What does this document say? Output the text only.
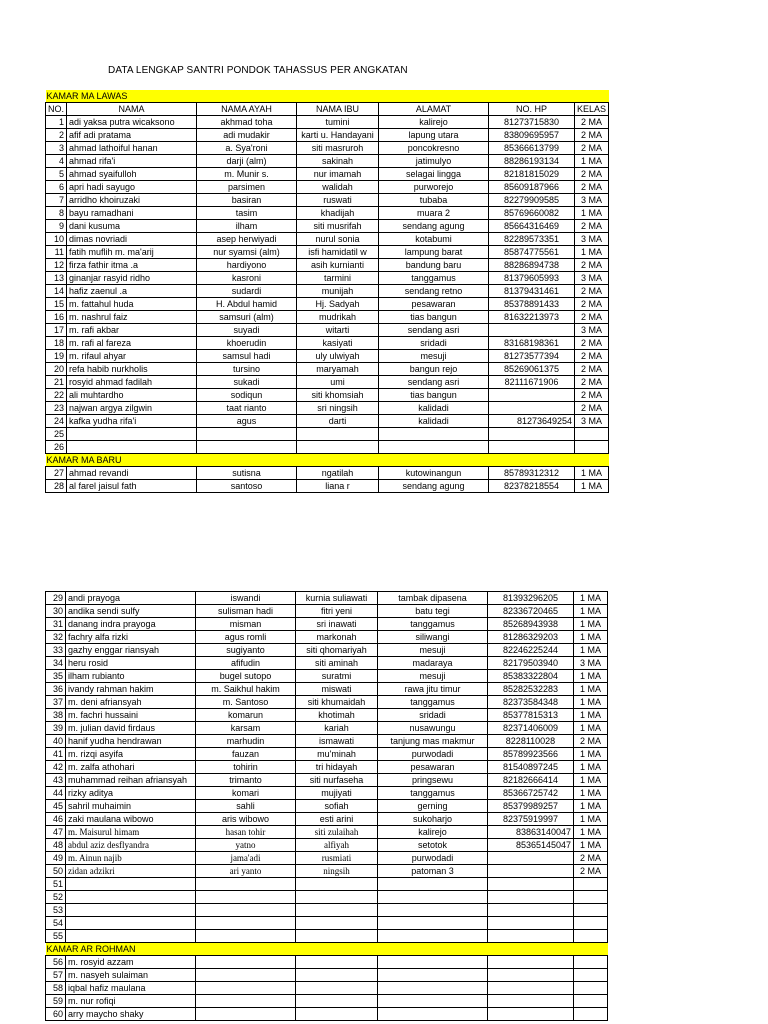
DATA LENGKAP SANTRI PONDOK TAHASSUS PER ANGKATAN
KAMAR MA LAWAS						
NO.	NAMA	NAMA AYAH	NAMA IBU	ALAMAT	NO. HP	KELAS
1	adi yaksa putra wicaksono	akhmad toha	tumini	kalirejo	81273715830	2 MA
2	afif adi pratama	adi mudakir	karti u. Handayani	lapung utara	83809695957	2 MA
3	ahmad lathoiful hanan	a. Sya'roni	siti masruroh	poncokresno	85366613799	2 MA
4	ahmad rifa'i	darji (alm)	sakinah	jatimulyo	88286193134	1 MA
5	ahmad syaifulloh	m. Munir s.	nur imamah	selagai lingga	82181815029	2 MA
6	apri hadi sayugo	parsimen	walidah	purworejo	85609187966	2 MA
7	arridho khoiruzaki	basiran	ruswati	tubaba	82279909585	3 MA
8	bayu ramadhani	tasim	khadijah	muara 2	85769660082	1 MA
9	dani kusuma	ilham	siti musrifah	sendang agung	85664316469	2 MA
10	dimas novriadi	asep herwiyadi	nurul sonia	kotabumi	82289573351	3 MA
11	fatih muflih m. ma'arij	nur syamsi (alm)	isfi hamidatil w	lampung barat	85874775561	1 MA
12	firza fathir itma .a	hardiyono	asih kurnianti	bandung baru	88286894738	2 MA
13	ginanjar rasyid ridho	kasroni	tarmini	tanggamus	81379605993	3 MA
14	hafiz zaenul .a	sudardi	munijah	sendang retno	81379431461	2 MA
15	m. fattahul huda	H. Abdul hamid	Hj. Sadyah	pesawaran	85378891433	2 MA
16	m. nashrul faiz	samsuri (alm)	mudrikah	tias bangun	81632213973	2 MA
17	m. rafi akbar	suyadi	witarti	sendang asri		3 MA
18	m. rafi al fareza	khoerudin	kasiyati	sridadi	83168198361	2 MA
19	m. rifaul ahyar	samsul hadi	uly ulwiyah	mesuji	81273577394	2 MA
20	refa habib nurkholis	tursino	maryamah	bangun rejo	85269061375	2 MA
21	rosyid ahmad fadilah	sukadi	umi	sendang asri	82111671906	2 MA
22	ali muhtardho	sodiqun	siti khomsiah	tias bangun		2 MA
23	najwan argya zilgwin	taat rianto	sri ningsih	kalidadi		2 MA
24	kafka yudha rifa'i	agus	darti	kalidadi	81273649254	3 MA
25						
26						
KAMAR MA BARU						
27	ahmad revandi	sutisna	ngatilah	kutowinangun	85789312312	1 MA
28	al farel jaisul fath	santoso	liana r	sendang agung	82378218554	1 MA
29	andi prayoga	iswandi	kurnia suliawati	tambak dipasena	81393296205	1 MA
30	andika sendi sulfy	sulisman hadi	fitri yeni	batu tegi	82336720465	1 MA
31	danang indra prayoga	misman	sri inawati	tanggamus	85268943938	1 MA
32	fachry alfa rizki	agus romli	markonah	siliwangi	81286329203	1 MA
33	gazhy enggar riansyah	sugiyanto	siti qhomariyah	mesuji	82246225244	1 MA
34	heru rosid	afifudin	siti aminah	madaraya	82179503940	3 MA
35	ilham rubianto	bugel sutopo	suratmi	mesuji	85383322804	1 MA
36	ivandy rahman hakim	m. Saikhul hakim	miswati	rawa jitu timur	85282532283	1 MA
37	m. deni afriansyah	m. Santoso	siti khumaidah	tanggamus	82373584348	1 MA
38	m. fachri hussaini	komarun	khotimah	sridadi	85377815313	1 MA
39	m. julian david firdaus	karsam	kariah	nusawungu	82371406009	1 MA
40	hanif yudha hendrawan	marhudin	ismawati	tanjung mas makmur	8228110028	2 MA
41	m. rizqi asyifa	fauzan	mu'minah	purwodadi	85789923566	1 MA
42	m. zalfa athohari	tohirin	tri hidayah	pesawaran	81540897245	1 MA
43	muhammad reihan afriansyah	trimanto	siti nurfaseha	pringsewu	82182666414	1 MA
44	rizky aditya	komari	mujiyati	tanggamus	85366725742	1 MA
45	sahril muhaimin	sahli	sofiah	gerning	85379989257	1 MA
46	zaki maulana wibowo	aris wibowo	esti arini	sukoharjo	82375919997	1 MA
47	m. Maisurul himam	hasan tohir	siti zulaihah	kalirejo	83863140047	1 MA
48	abdul aziz desflyandra	yatno	alfiyah	setotok	85365145047	1 MA
49	m. Ainun najib	jama'adi	rusmiati	purwodadi		2 MA
50	zidan adzikri	ari yanto	ningsih	patoman 3		2 MA
51						
52						
53						
54						
55						
KAMAR AR ROHMAN						
56	m. rosyid azzam					
57	m. nasyeh sulaiman					
58	iqbal hafiz maulana					
59	m. nur rofiqi					
60	arry maycho shaky					
